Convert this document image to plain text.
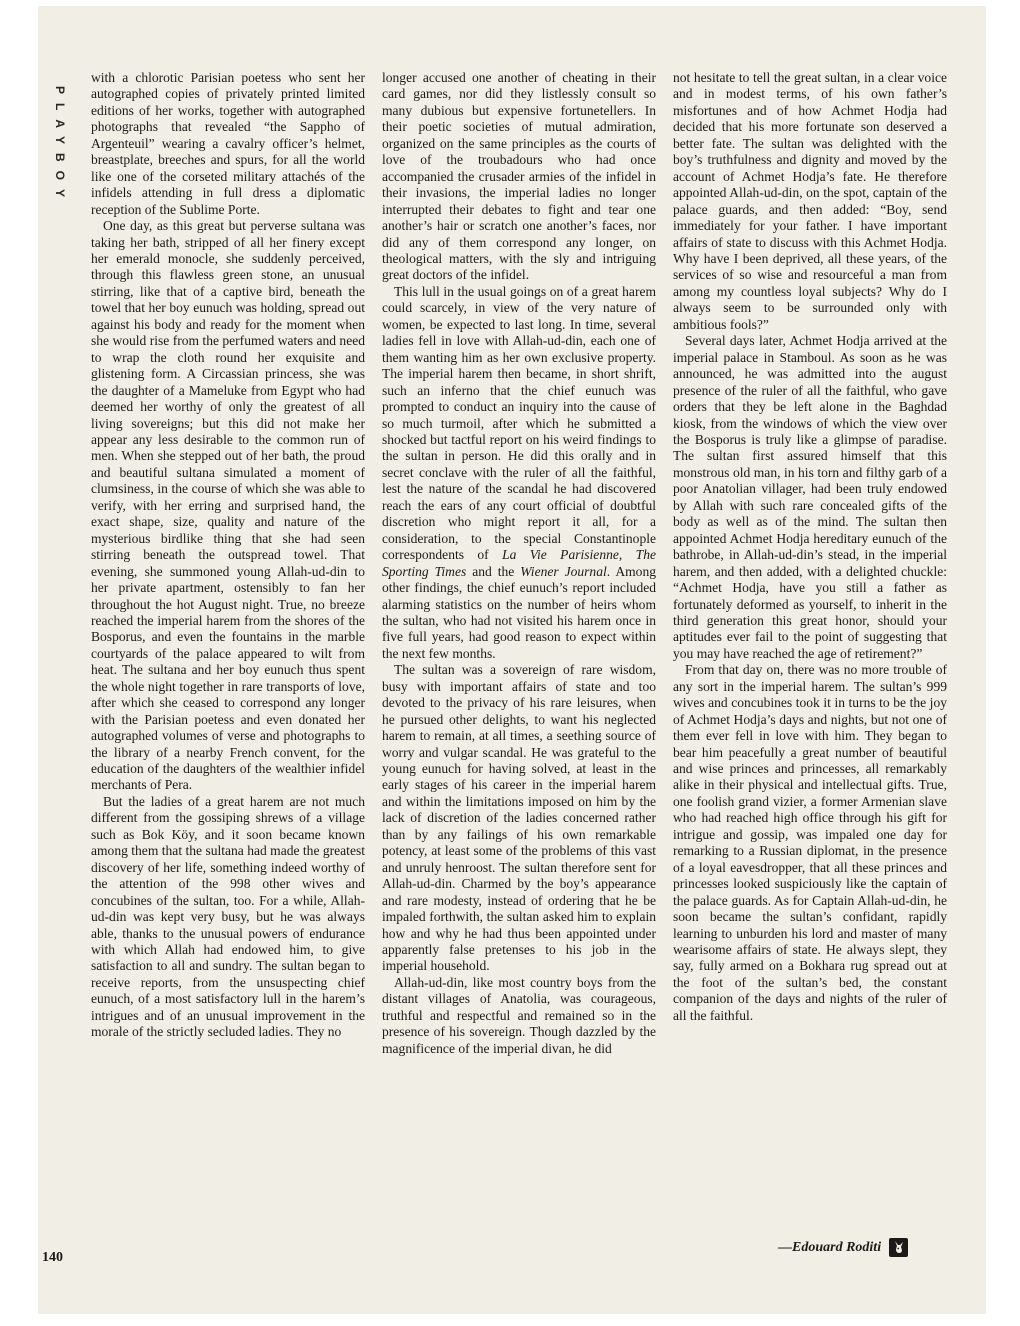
PLAYBOY

with a chlorotic Parisian poetess who sent her autographed copies of privately printed limited editions of her works, together with autographed photographs that revealed “the Sappho of Argenteuil” wearing a cavalry officer’s helmet, breastplate, breeches and spurs, for all the world like one of the corseted military attachés of the infidels attending in full dress a diplomatic reception of the Sublime Porte.

One day, as this great but perverse sultana was taking her bath, stripped of all her finery except her emerald monocle, she suddenly perceived, through this flawless green stone, an unusual stirring, like that of a captive bird, beneath the towel that her boy eunuch was holding, spread out against his body and ready for the moment when she would rise from the perfumed waters and need to wrap the cloth round her exquisite and glistening form. A Circassian princess, she was the daughter of a Mameluke from Egypt who had deemed her worthy of only the greatest of all living sovereigns; but this did not make her appear any less desirable to the common run of men. When she stepped out of her bath, the proud and beautiful sultana simulated a moment of clumsiness, in the course of which she was able to verify, with her erring and surprised hand, the exact shape, size, quality and nature of the mysterious birdlike thing that she had seen stirring beneath the outspread towel. That evening, she summoned young Allah-ud-din to her private apartment, ostensibly to fan her throughout the hot August night. True, no breeze reached the imperial harem from the shores of the Bosporus, and even the fountains in the marble courtyards of the palace appeared to wilt from heat. The sultana and her boy eunuch thus spent the whole night together in rare transports of love, after which she ceased to correspond any longer with the Parisian poetess and even donated her autographed volumes of verse and photographs to the library of a nearby French convent, for the education of the daughters of the wealthier infidel merchants of Pera.

But the ladies of a great harem are not much different from the gossiping shrews of a village such as Bok Köy, and it soon became known among them that the sultana had made the greatest discovery of her life, something indeed worthy of the attention of the 998 other wives and concubines of the sultan, too. For a while, Allah-ud-din was kept very busy, but he was always able, thanks to the unusual powers of endurance with which Allah had endowed him, to give satisfaction to all and sundry. The sultan began to receive reports, from the unsuspecting chief eunuch, of a most satisfactory lull in the harem’s intrigues and of an unusual improvement in the morale of the strictly secluded ladies. They no

longer accused one another of cheating in their card games, nor did they listlessly consult so many dubious but expensive fortunetellers. In their poetic societies of mutual admiration, organized on the same principles as the courts of love of the troubadours who had once accompanied the crusader armies of the infidel in their invasions, the imperial ladies no longer interrupted their debates to fight and tear one another’s hair or scratch one another’s faces, nor did any of them correspond any longer, on theological matters, with the sly and intriguing great doctors of the infidel.

This lull in the usual goings on of a great harem could scarcely, in view of the very nature of women, be expected to last long. In time, several ladies fell in love with Allah-ud-din, each one of them wanting him as her own exclusive property. The imperial harem then became, in short shrift, such an inferno that the chief eunuch was prompted to conduct an inquiry into the cause of so much turmoil, after which he submitted a shocked but tactful report on his weird findings to the sultan in person. He did this orally and in secret conclave with the ruler of all the faithful, lest the nature of the scandal he had discovered reach the ears of any court official of doubtful discretion who might report it all, for a consideration, to the special Constantinople correspondents of La Vie Parisienne, The Sporting Times and the Wiener Journal. Among other findings, the chief eunuch’s report included alarming statistics on the number of heirs whom the sultan, who had not visited his harem once in five full years, had good reason to expect within the next few months.

The sultan was a sovereign of rare wisdom, busy with important affairs of state and too devoted to the privacy of his rare leisures, when he pursued other delights, to want his neglected harem to remain, at all times, a seething source of worry and vulgar scandal. He was grateful to the young eunuch for having solved, at least in the early stages of his career in the imperial harem and within the limitations imposed on him by the lack of discretion of the ladies concerned rather than by any failings of his own remarkable potency, at least some of the problems of this vast and unruly henroost. The sultan therefore sent for Allah-ud-din. Charmed by the boy’s appearance and rare modesty, instead of ordering that he be impaled forthwith, the sultan asked him to explain how and why he had thus been appointed under apparently false pretenses to his job in the imperial household.

Allah-ud-din, like most country boys from the distant villages of Anatolia, was courageous, truthful and respectful and remained so in the presence of his sovereign. Though dazzled by the magnificence of the imperial divan, he did

not hesitate to tell the great sultan, in a clear voice and in modest terms, of his own father’s misfortunes and of how Achmet Hodja had decided that his more fortunate son deserved a better fate. The sultan was delighted with the boy’s truthfulness and dignity and moved by the account of Achmet Hodja’s fate. He therefore appointed Allah-ud-din, on the spot, captain of the palace guards, and then added: “Boy, send immediately for your father. I have important affairs of state to discuss with this Achmet Hodja. Why have I been deprived, all these years, of the services of so wise and resourceful a man from among my countless loyal subjects? Why do I always seem to be surrounded only with ambitious fools?”

Several days later, Achmet Hodja arrived at the imperial palace in Stamboul. As soon as he was announced, he was admitted into the august presence of the ruler of all the faithful, who gave orders that they be left alone in the Baghdad kiosk, from the windows of which the view over the Bosporus is truly like a glimpse of paradise. The sultan first assured himself that this monstrous old man, in his torn and filthy garb of a poor Anatolian villager, had been truly endowed by Allah with such rare concealed gifts of the body as well as of the mind. The sultan then appointed Achmet Hodja hereditary eunuch of the bathrobe, in Allah-ud-din’s stead, in the imperial harem, and then added, with a delighted chuckle: “Achmet Hodja, have you still a father as fortunately deformed as yourself, to inherit in the third generation this great honor, should your aptitudes ever fail to the point of suggesting that you may have reached the age of retirement?”

From that day on, there was no more trouble of any sort in the imperial harem. The sultan’s 999 wives and concubines took it in turns to be the joy of Achmet Hodja’s days and nights, but not one of them ever fell in love with him. They began to bear him peacefully a great number of beautiful and wise princes and princesses, all remarkably alike in their physical and intellectual gifts. True, one foolish grand vizier, a former Armenian slave who had reached high office through his gift for intrigue and gossip, was impaled one day for remarking to a Russian diplomat, in the presence of a loyal eavesdropper, that all these princes and princesses looked suspiciously like the captain of the palace guards. As for Captain Allah-ud-din, he soon became the sultan’s confidant, rapidly learning to unburden his lord and master of many wearisome affairs of state. He always slept, they say, fully armed on a Bokhara rug spread out at the foot of the sultan’s bed, the constant companion of the days and nights of the ruler of all the faithful.

140
—Edouard Roditi
